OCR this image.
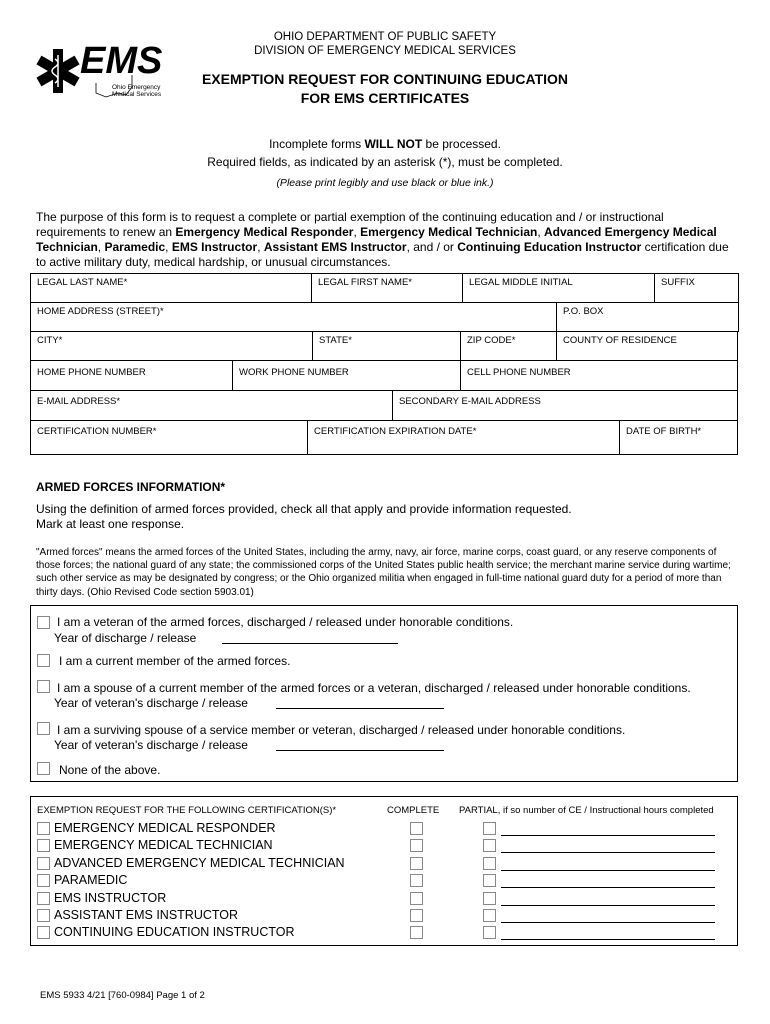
EMS
Ohio Emergency
Medical Services
OHIO DEPARTMENT OF PUBLIC SAFETY
DIVISION OF EMERGENCY MEDICAL SERVICES
EXEMPTION REQUEST FOR CONTINUING EDUCATION
FOR EMS CERTIFICATES
Incomplete forms WILL NOT be processed.
Required fields, as indicated by an asterisk (*), must be completed.
(Please print legibly and use black or blue ink.)
The purpose of this form is to request a complete or partial exemption of the continuing education and / or instructional requirements to renew an Emergency Medical Responder, Emergency Medical Technician, Advanced Emergency Medical Technician, Paramedic, EMS Instructor, Assistant EMS Instructor, and / or Continuing Education Instructor certification due to active military duty, medical hardship, or unusual circumstances.
LEGAL LAST NAME*	LEGAL FIRST NAME*	LEGAL MIDDLE INITIAL		SUFFIX
HOME ADDRESS (STREET)*			P.O. BOX	
CITY*	STATE*	ZIP CODE*	COUNTY OF RESIDENCE
HOME PHONE NUMBER	WORK PHONE NUMBER	CELL PHONE NUMBER
E-MAIL ADDRESS*	SECONDARY E-MAIL ADDRESS
CERTIFICATION NUMBER*	CERTIFICATION EXPIRATION DATE*	DATE OF BIRTH*
ARMED FORCES INFORMATION*
Using the definition of armed forces provided, check all that apply and provide information requested.
Mark at least one response.
"Armed forces" means the armed forces of the United States, including the army, navy, air force, marine corps, coast guard, or any reserve components of those forces; the national guard of any state; the commissioned corps of the United States public health service; the merchant marine service during wartime; such other service as may be designated by congress; or the Ohio organized militia when engaged in full-time national guard duty for a period of more than thirty days. (Ohio Revised Code section 5903.01)
I am a veteran of the armed forces, discharged / released under honorable conditions.
Year of discharge / release
I am a current member of the armed forces.
I am a spouse of a current member of the armed forces or a veteran, discharged / released under honorable conditions.
Year of veteran's discharge / release
I am a surviving spouse of a service member or veteran, discharged / released under honorable conditions.
Year of veteran's discharge / release
None of the above.
EXEMPTION REQUEST FOR THE FOLLOWING CERTIFICATION(S)*	COMPLETE PARTIAL, if so number of CE / Instructional hours completed
EMERGENCY MEDICAL RESPONDER
EMERGENCY MEDICAL TECHNICIAN
ADVANCED EMERGENCY MEDICAL TECHNICIAN
PARAMEDIC
EMS INSTRUCTOR
ASSISTANT EMS INSTRUCTOR
CONTINUING EDUCATION INSTRUCTOR
EMS 5933 4/21 [760-0984] Page 1 of 2
